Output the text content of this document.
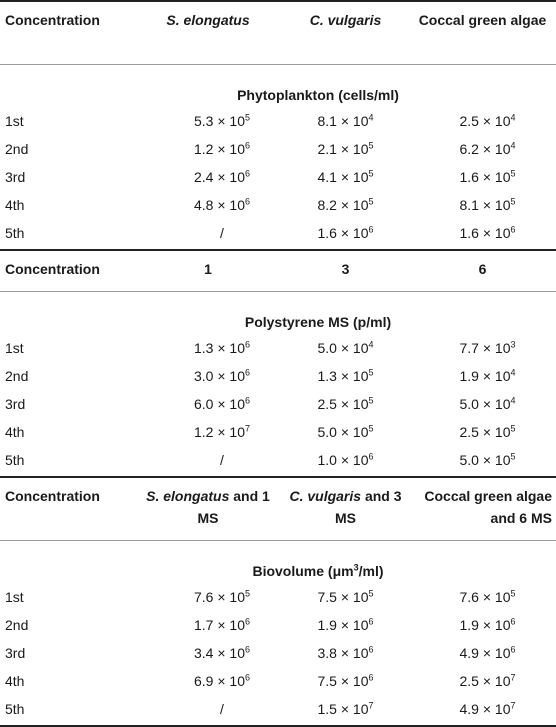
Concentration	S. elongatus	C. vulgaris	Coccal green algae
Phytoplankton (cells/ml)			
1st	$5.3 \times 10^5$	$8.1 \times 10^4$	$2.5 \times 10^4$
2nd	$1.2 \times 10^6$	$2.1 \times 10^5$	$6.2 \times 10^4$
3rd	$2.4 \times 10^6$	$4.1 \times 10^5$	$1.6 \times 10^5$
4th	$4.8 \times 10^6$	$8.2 \times 10^5$	$8.1 \times 10^5$
5th	/	$1.6 \times 10^6$	$1.6 \times 10^6$
Concentration	1	3	6
Polystyrene MS (p/ml)			
1st	$1.3 \times 10^6$	$5.0 \times 10^4$	$7.7 \times 10^3$
2nd	$3.0 \times 10^6$	$1.3 \times 10^5$	$1.9 \times 10^4$
3rd	$6.0 \times 10^6$	$2.5 \times 10^5$	$5.0 \times 10^4$
4th	$1.2 \times 10^7$	$5.0 \times 10^5$	$2.5 \times 10^5$
5th	/	$1.0 \times 10^6$	$5.0 \times 10^5$
Concentration	S. elongatus and 1 MS	C. vulgaris and 3 MS	Coccal green algae and 6 MS
Biovolume $(\mu m^3/ml)$			
1st	$7.6 \times 10^5$	$7.5 \times 10^5$	$7.6 \times 10^5$
2nd	$1.7 \times 10^6$	$1.9 \times 10^6$	$1.9 \times 10^6$
3rd	$3.4 \times 10^6$	$3.8 \times 10^6$	$4.9 \times 10^6$
4th	$6.9 \times 10^6$	$7.5 \times 10^6$	$2.5 \times 10^7$
5th	/	$1.5 \times 10^7$	$4.9 \times 10^7$
